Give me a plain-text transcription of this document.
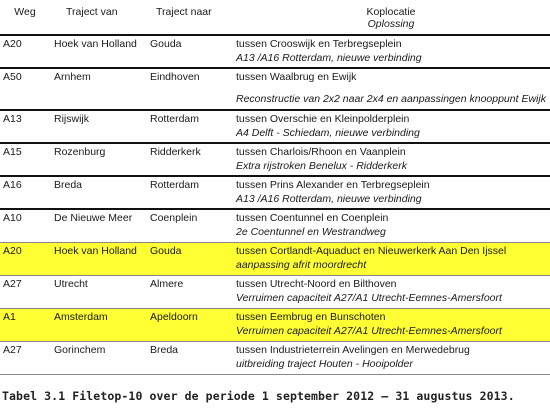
Weg	Traject van	Traject naar	Koplocatie
Oplossing

A20	Hoek van Holland	Gouda	tussen Crooswijk en Terbregseplein
A13 /A16 Rotterdam, nieuwe verbinding

A50	Arnhem	Eindhoven	tussen Waalbrug en Ewijk
Reconstructie van 2x2 naar 2x4 en aanpassingen knooppunt Ewijk

A13	Rijswijk	Rotterdam	tussen Overschie en Kleinpolderplein
A4 Delft - Schiedam, nieuwe verbinding

A15	Rozenburg	Ridderkerk	tussen Charlois/Rhoon en Vaanplein
Extra rijstroken Benelux - Ridderkerk

A16	Breda	Rotterdam	tussen Prins Alexander en Terbregseplein
A13 /A16 Rotterdam, nieuwe verbinding

A10	De Nieuwe Meer	Coenplein	tussen Coentunnel en Coenplein
2e Coentunnel en Westrandweg

A20	Hoek van Holland	Gouda	tussen Cortlandt-Aquaduct en Nieuwerkerk Aan Den Ijssel
aanpassing afrit moordrecht

A27	Utrecht	Almere	tussen Utrecht-Noord en Bilthoven
Verruimen capaciteit A27/A1 Utrecht-Eemnes-Amersfoort

A1	Amsterdam	Apeldoorn	tussen Eembrug en Bunschoten
Verruimen capaciteit A27/A1 Utrecht-Eemnes-Amersfoort

A27	Gorinchem	Breda	tussen Industrieterrein Avelingen en Merwedebrug
uitbreiding traject Houten - Hooipolder
Tabel 3.1 Filetop-10 over de periode 1 september 2012 – 31 augustus 2013.
